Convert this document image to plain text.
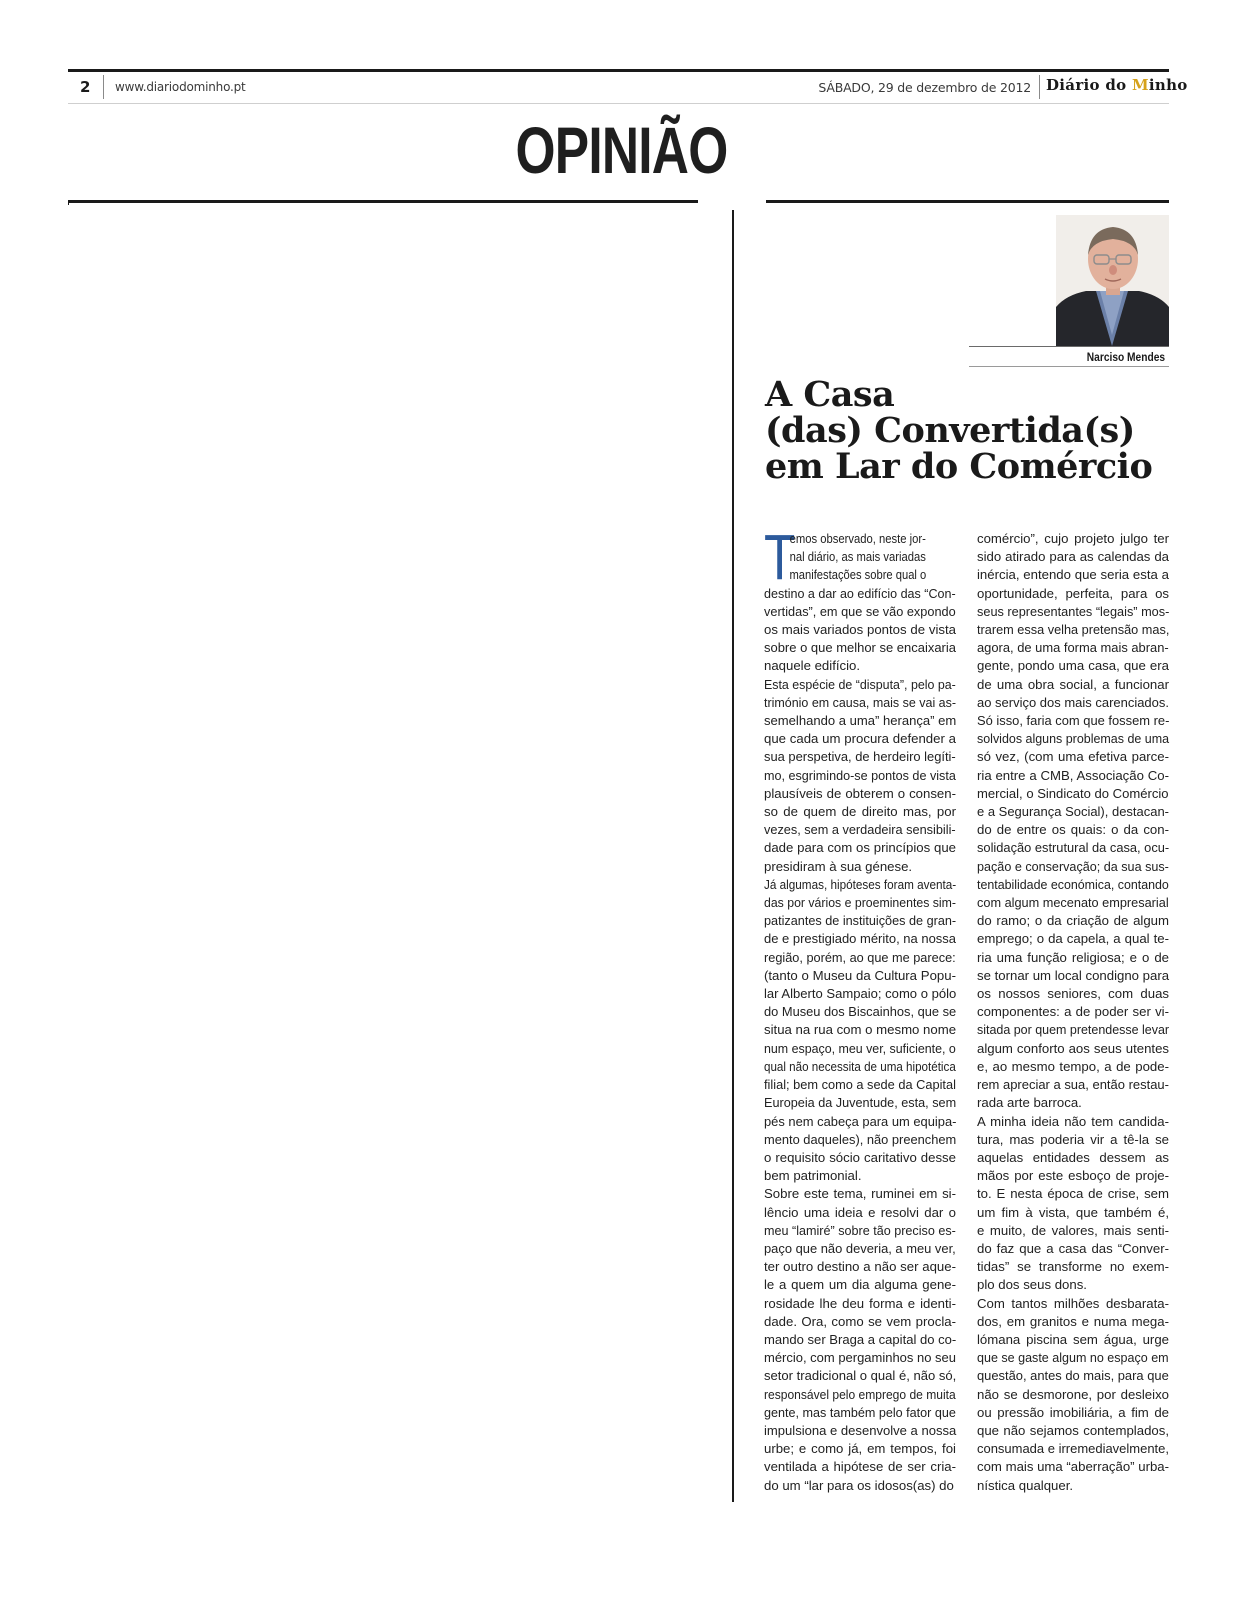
2 www.diariodominho.pt	SÁBADO, 29 de dezembro de 2012 Diário do Minho
OPINIÃO
Narciso Mendes
A Casa
(das) Convertida(s)
em Lar do Comércio
T
emos observado, neste jor-
nal diário, as mais variadas
manifestações sobre qual o
destino a dar ao edifício das “Con-
vertidas”, em que se vão expondo
os mais variados pontos de vista
sobre o que melhor se encaixaria
naquele edifício.
Esta espécie de “disputa”, pelo pa-
trimónio em causa, mais se vai as-
semelhando a uma” herança” em
que cada um procura defender a
sua perspetiva, de herdeiro legíti-
mo, esgrimindo-se pontos de vista
plausíveis de obterem o consen-
so de quem de direito mas, por
vezes, sem a verdadeira sensibili-
dade para com os princípios que
presidiram à sua génese.
Já algumas, hipóteses foram aventa-
das por vários e proeminentes sim-
patizantes de instituições de gran-
de e prestigiado mérito, na nossa
região, porém, ao que me parece:
(tanto o Museu da Cultura Popu-
lar Alberto Sampaio; como o pólo
do Museu dos Biscainhos, que se
situa na rua com o mesmo nome
num espaço, meu ver, suficiente, o
qual não necessita de uma hipotética
filial; bem como a sede da Capital
Europeia da Juventude, esta, sem
pés nem cabeça para um equipa-
mento daqueles), não preenchem
o requisito sócio caritativo desse
bem patrimonial.
Sobre este tema, ruminei em si-
lêncio uma ideia e resolvi dar o
meu “lamiré” sobre tão preciso es-
paço que não deveria, a meu ver,
ter outro destino a não ser aque-
le a quem um dia alguma gene-
rosidade lhe deu forma e identi-
dade. Ora, como se vem procla-
mando ser Braga a capital do co-
mércio, com pergaminhos no seu
setor tradicional o qual é, não só,
responsável pelo emprego de muita
gente, mas também pelo fator que
impulsiona e desenvolve a nossa
urbe; e como já, em tempos, foi
ventilada a hipótese de ser cria-
do um “lar para os idosos(as) do
comércio”, cujo projeto julgo ter
sido atirado para as calendas da
inércia, entendo que seria esta a
oportunidade, perfeita, para os
seus representantes “legais” mos-
trarem essa velha pretensão mas,
agora, de uma forma mais abran-
gente, pondo uma casa, que era
de uma obra social, a funcionar
ao serviço dos mais carenciados.
Só isso, faria com que fossem re-
solvidos alguns problemas de uma
só vez, (com uma efetiva parce-
ria entre a CMB, Associação Co-
mercial, o Sindicato do Comércio
e a Segurança Social), destacan-
do de entre os quais: o da con-
solidação estrutural da casa, ocu-
pação e conservação; da sua sus-
tentabilidade económica, contando
com algum mecenato empresarial
do ramo; o da criação de algum
emprego; o da capela, a qual te-
ria uma função religiosa; e o de
se tornar um local condigno para
os nossos seniores, com duas
componentes: a de poder ser vi-
sitada por quem pretendesse levar
algum conforto aos seus utentes
e, ao mesmo tempo, a de pode-
rem apreciar a sua, então restau-
rada arte barroca.
A minha ideia não tem candida-
tura, mas poderia vir a tê-la se
aquelas entidades dessem as
mãos por este esboço de proje-
to. E nesta época de crise, sem
um fim à vista, que também é,
e muito, de valores, mais senti-
do faz que a casa das “Conver-
tidas” se transforme no exem-
plo dos seus dons.
Com tantos milhões desbarata-
dos, em granitos e numa mega-
lómana piscina sem água, urge
que se gaste algum no espaço em
questão, antes do mais, para que
não se desmorone, por desleixo
ou pressão imobiliária, a fim de
que não sejamos contemplados,
consumada e irremediavelmente,
com mais uma “aberração” urba-
nística qualquer.
